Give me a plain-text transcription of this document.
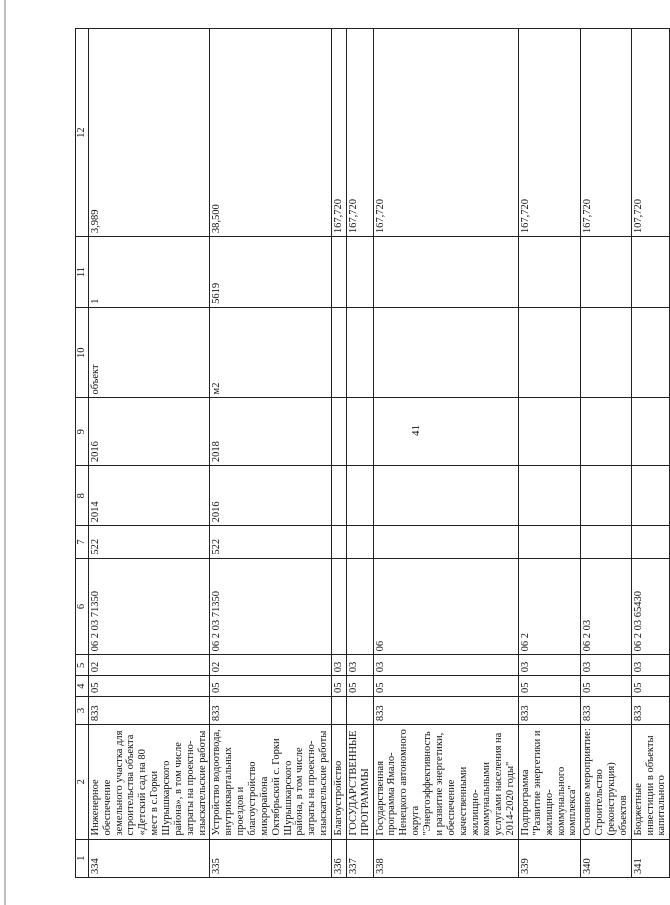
41
1	2	3	4	5	6	7	8	9	10	11	12
334	Инженерное обеспечение земельного участка для строительства объекта «Детский сад на 80 мест в с.Горки Шурышкарского района», в том числе затраты на проектно-изыскательские работы	833	05	02	06 2 03 71350	522	2014	2016	объект	1	3,989
335	Устройство водоотвода, внутриквартальных проездов и благоустройство микрорайона Октябрьский с. Горки Шурышкарского района, в том числе затраты на проектно-изыскательские работы	833	05	02	06 2 03 71350	522	2016	2018	м2	5619	38,500
336	Благоустройство		05	03							167,720
337	ГОСУДАРСТВЕННЫЕ ПРОГРАММЫ		05	03							167,720
338	Государственная программа Ямало-Ненецкого автономного округа "Энергоэффективность и развитие энергетики, обеспечение качественными жилищно-коммунальными услугами населения на 2014-2020 годы"	833	05	03	06						167,720
339	Подпрограмма "Развитие энергетики и жилищно-коммунального комплекса"	833	05	03	06 2						167,720
340	Основное мероприятие: Строительство (реконструкция) объектов	833	05	03	06 2 03						167,720
341	Бюджетные инвестиции в объекты капитального	833	05	03	06 2 03 65430						107,720
